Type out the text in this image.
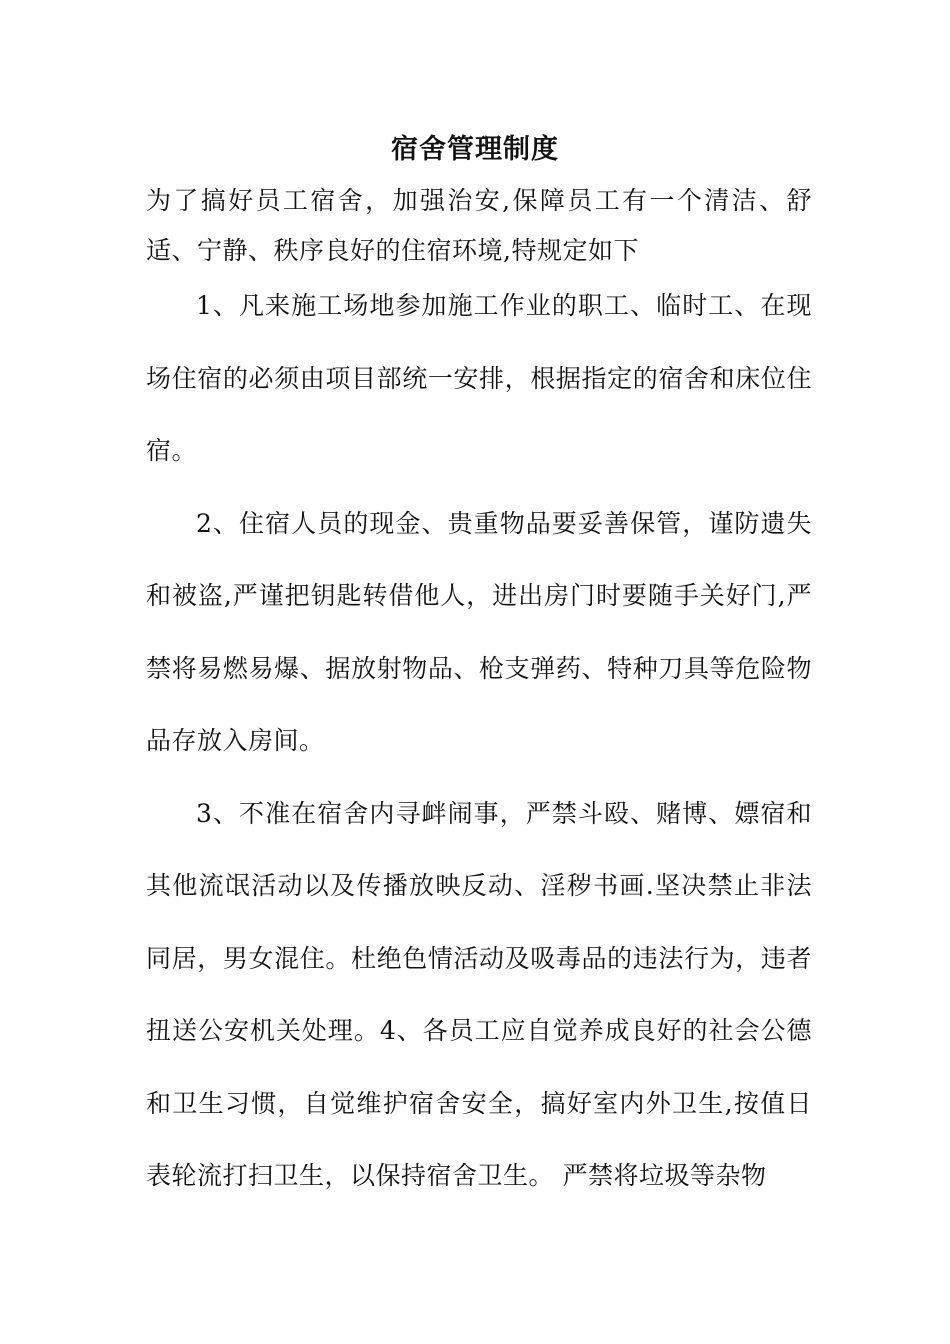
宿舍管理制度
为了搞好员工宿舍，加强治安,保障员工有一个清洁、舒适、宁静、秩序良好的住宿环境,特规定如下

1、凡来施工场地参加施工作业的职工、临时工、在现场住宿的必须由项目部统一安排，根据指定的宿舍和床位住宿。

2、住宿人员的现金、贵重物品要妥善保管，谨防遗失和被盗,严谨把钥匙转借他人，进出房门时要随手关好门,严禁将易燃易爆、据放射物品、枪支弹药、特种刀具等危险物品存放入房间。

3、不准在宿舍内寻衅闹事，严禁斗殴、赌博、嫖宿和其他流氓活动以及传播放映反动、淫秽书画.坚决禁止非法同居，男女混住。杜绝色情活动及吸毒品的违法行为，违者扭送公安机关处理。4、各员工应自觉养成良好的社会公德和卫生习惯，自觉维护宿舍安全，搞好室内外卫生,按值日表轮流打扫卫生，以保持宿舍卫生。 严禁将垃圾等杂物
